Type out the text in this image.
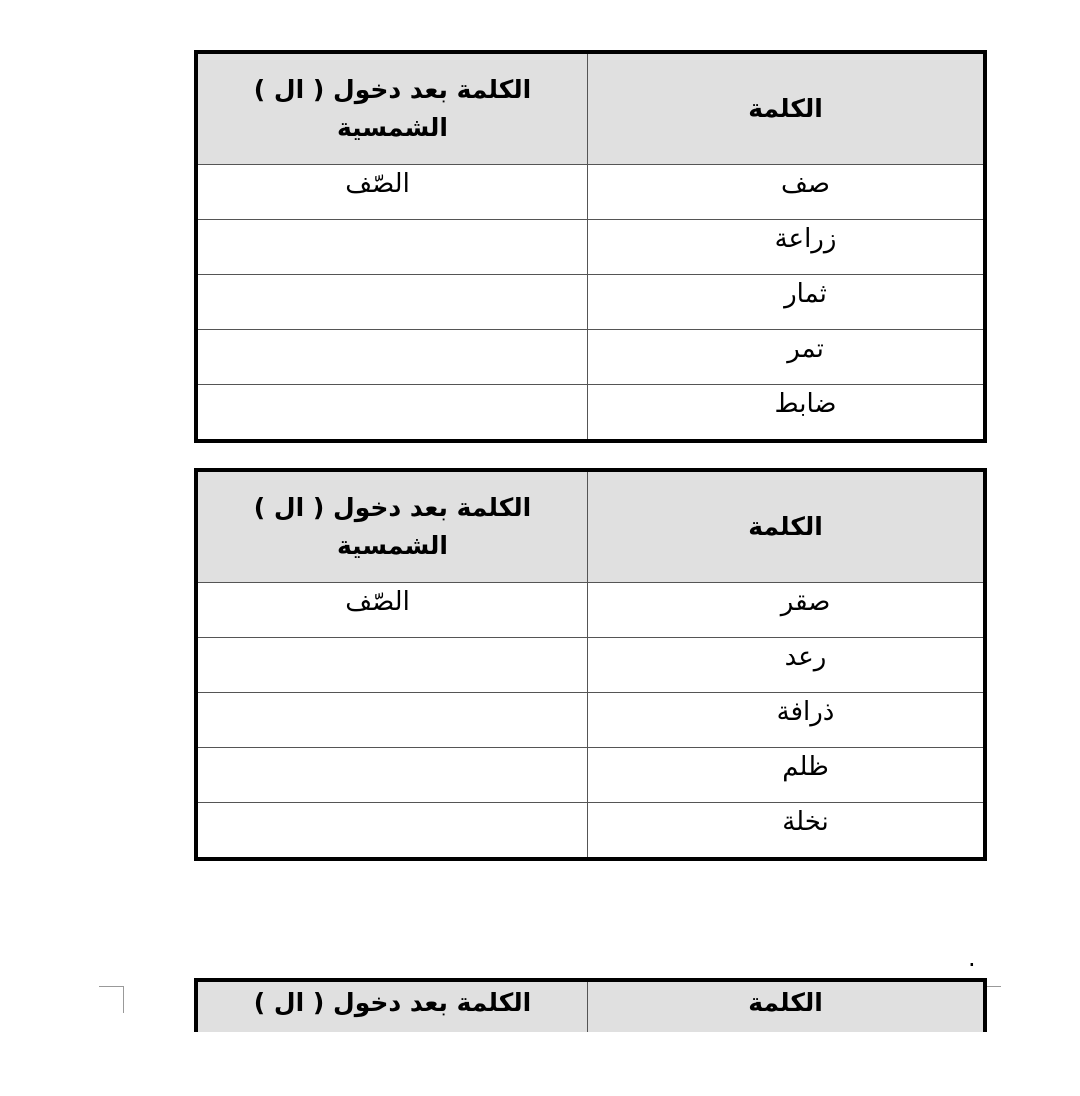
الكلمة
الكلمة بعد دخول ( ال ) الشمسية
صف
الصّف
زراعة
ثمار
تمر
ضابط
الكلمة
الكلمة بعد دخول ( ال ) الشمسية
صقر
الصّف
رعد
ذرافة
ظلم
نخلة
.
الكلمة
الكلمة بعد دخول ( ال )
